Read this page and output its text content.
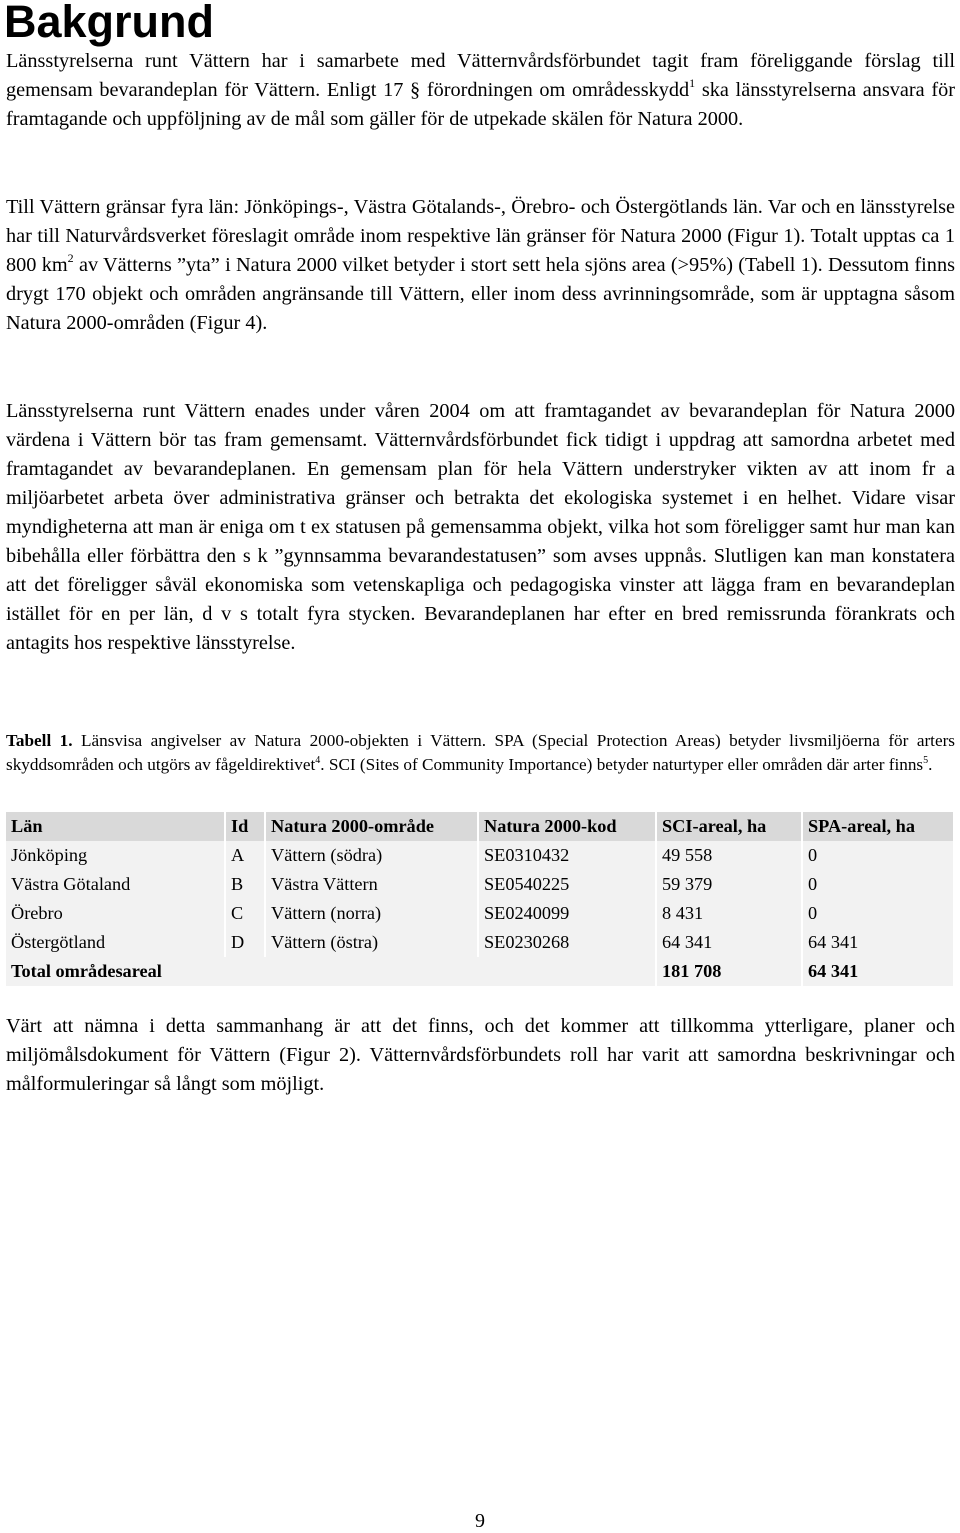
Bakgrund

Länsstyrelserna runt Vättern har i samarbete med Vätternvårdsförbundet tagit fram föreliggande förslag till gemensam bevarandeplan för Vättern. Enligt 17 § förordningen om områdesskydd$^1$ ska länsstyrelserna ansvara för framtagande och uppföljning av de mål som gäller för de utpekade skälen för Natura 2000.

Till Vättern gränsar fyra län: Jönköpings-, Västra Götalands-, Örebro- och Östergötlands län. Var och en länsstyrelse har till Naturvårdsverket föreslagit område inom respektive län gränser för Natura 2000 (Figur 1). Totalt upptas ca 1 800 $km^2$ av Vätterns ”yta” i Natura 2000 vilket betyder i stort sett hela sjöns area (>95%) (Tabell 1). Dessutom finns drygt 170 objekt och områden angränsande till Vättern, eller inom dess avrinningsområde, som är upptagna såsom Natura 2000-områden (Figur 4).

Länsstyrelserna runt Vättern enades under våren 2004 om att framtagandet av bevarandeplan för Natura 2000 värdena i Vättern bör tas fram gemensamt. Vätternvårdsförbundet fick tidigt i uppdrag att samordna arbetet med framtagandet av bevarandeplanen. En gemensam plan för hela Vättern understryker vikten av att inom fr a miljöarbetet arbeta över administrativa gränser och betrakta det ekologiska systemet i en helhet. Vidare visar myndigheterna att man är eniga om t ex statusen på gemensamma objekt, vilka hot som föreligger samt hur man kan bibehålla eller förbättra den s k ”gynnsamma bevarandestatusen” som avses uppnås. Slutligen kan man konstatera att det föreligger såväl ekonomiska som vetenskapliga och pedagogiska vinster att lägga fram en bevarandeplan istället för en per län, d v s totalt fyra stycken. Bevarandeplanen har efter en bred remissrunda förankrats och antagits hos respektive länsstyrelse.

Tabell 1. Länsvisa angivelser av Natura 2000-objekten i Vättern. SPA (Special Protection Areas) betyder livsmiljöerna för arters skyddsområden och utgörs av fågeldirektivet$^4$. SCI (Sites of Community Importance) betyder naturtyper eller områden där arter finns$^5$.

Län	Id	Natura 2000-område	Natura 2000-kod	SCI-areal, ha	SPA-areal, ha
Jönköping	A	Vättern (södra)	SE0310432	49 558	0
Västra Götaland	B	Västra Vättern	SE0540225	59 379	0
Örebro	C	Vättern (norra)	SE0240099	8 431	0
Östergötland	D	Vättern (östra)	SE0230268	64 341	64 341
Total områdesareal				181 708	64 341

Värt att nämna i detta sammanhang är att det finns, och det kommer att tillkomma ytterligare, planer och miljömålsdokument för Vättern (Figur 2). Vätternvårdsförbundets roll har varit att samordna beskrivningar och målformuleringar så långt som möjligt.

9
